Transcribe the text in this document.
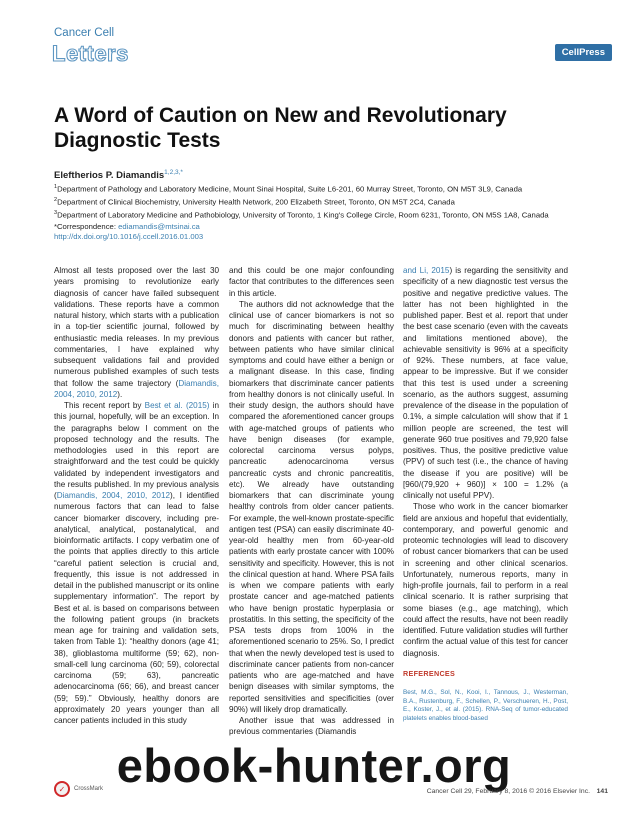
Cancer Cell
Letters	CellPress
A Word of Caution on New and Revolutionary Diagnostic Tests
Eleftherios P. Diamandis$^{1,2,3,*}$
$^1$Department of Pathology and Laboratory Medicine, Mount Sinai Hospital, Suite L6-201, 60 Murray Street, Toronto, ON M5T 3L9, Canada
$^2$Department of Clinical Biochemistry, University Health Network, 200 Elizabeth Street, Toronto, ON M5T 2C4, Canada
$^3$Department of Laboratory Medicine and Pathobiology, University of Toronto, 1 King's College Circle, Room 6231, Toronto, ON M5S 1A8, Canada
*Correspondence: ediamandis@mtsinai.ca
http://dx.doi.org/10.1016/j.ccell.2016.01.003

Almost all tests proposed over the last 30 years promising to revolutionize early diagnosis of cancer have failed subsequent validations. These reports have a common natural history, which starts with a publication in a top-tier scientific journal, followed by enthusiastic media releases. In my previous commentaries, I have explained why subsequent validations fail and provided numerous published examples of such tests that follow the same trajectory (Diamandis, 2004, 2010, 2012).

This recent report by Best et al. (2015) in this journal, hopefully, will be an exception. In the paragraphs below I comment on the proposed technology and the results. The methodologies used in this report are straightforward and the test could be quickly validated by independent investigators and the results published. In my previous analysis (Diamandis, 2004, 2010, 2012), I identified numerous factors that can lead to false cancer biomarker discovery, including pre-analytical, analytical, postanalytical, and bioinformatic artifacts. I copy verbatim one of the points that applies directly to this article “careful patient selection is crucial and, frequently, this issue is not addressed in detail in the published manuscript or its online supplementary information”. The report by Best et al. is based on comparisons between the following patient groups (in brackets mean age for training and validation sets, taken from Table 1): “healthy donors (age 41; 38), glioblastoma multiforme (59; 62), non-small-cell lung carcinoma (60; 59), colorectal carcinoma (59; 63), pancreatic adenocarcinoma (66; 66), and breast cancer (59; 59).” Obviously, healthy donors are approximately 20 years younger than all cancer patients included in this study

and this could be one major confounding factor that contributes to the differences seen in this article.

The authors did not acknowledge that the clinical use of cancer biomarkers is not so much for discriminating between healthy donors and patients with cancer but rather, between patients who have similar clinical symptoms and could have either a benign or a malignant disease. In this case, finding biomarkers that discriminate cancer patients from healthy donors is not clinically useful. In their study design, the authors should have compared the aforementioned cancer groups with age-matched groups of patients who have benign diseases (for example, colorectal carcinoma versus polyps, pancreatic adenocarcinoma versus pancreatic cysts and chronic pancreatitis, etc). We already have outstanding biomarkers that can discriminate young healthy controls from older cancer patients. For example, the well-known prostate-specific antigen test (PSA) can easily discriminate 40-year-old healthy men from 60-year-old patients with early prostate cancer with 100% sensitivity and specificity. However, this is not the clinical question at hand. Where PSA fails is when we compare patients with early prostate cancer and age-matched patients who have benign prostatic hyperplasia or prostatitis. In this setting, the specificity of the PSA tests drops from 100% in the aforementioned scenario to 25%. So, I predict that when the newly developed test is used to discriminate cancer patients from non-cancer patients who are age-matched and have benign diseases with similar symptoms, the reported sensitivities and specificities (over 90%) will likely drop dramatically.

Another issue that was addressed in previous commentaries (Diamandis

and Li, 2015) is regarding the sensitivity and specificity of a new diagnostic test versus the positive and negative predictive values. The latter has not been highlighted in the published paper. Best et al. report that under the best case scenario (even with the caveats and limitations mentioned above), the achievable sensitivity is 96% at a specificity of 92%. These numbers, at face value, appear to be impressive. But if we consider that this test is used under a screening scenario, as the authors suggest, assuming prevalence of the disease in the population of 0.1%, a simple calculation will show that if 1 million people are screened, the test will generate 960 true positives and 79,920 false positives. Thus, the positive predictive value (PPV) of such test (i.e., the chance of having the disease if you are positive) will be [960/(79,920 + 960)] × 100 = 1.2% (a clinically not useful PPV).

Those who work in the cancer biomarker field are anxious and hopeful that evidentially, contemporary, and powerful genomic and proteomic technologies will lead to discovery of robust cancer biomarkers that can be used in screening and other clinical scenarios. Unfortunately, numerous reports, many in high-profile journals, fail to perform in a real clinical scenario. It is rather surprising that some biases (e.g., age matching), which could affect the results, have not been readily identified. Future validation studies will further confirm the actual value of this test for cancer diagnosis.

REFERENCES

Best, M.G., Sol, N., Kooi, I., Tannous, J., Westerman, B.A., Rustenburg, F., Schellen, P., Verschueren, H., Post, E., Koster, J., et al. (2015). RNA-Seq of tumor-educated platelets enables blood-based

ebook-hunter.org
✓	CrossMark	Cancer Cell 29, February 8, 2016 © 2016 Elsevier Inc. 141
